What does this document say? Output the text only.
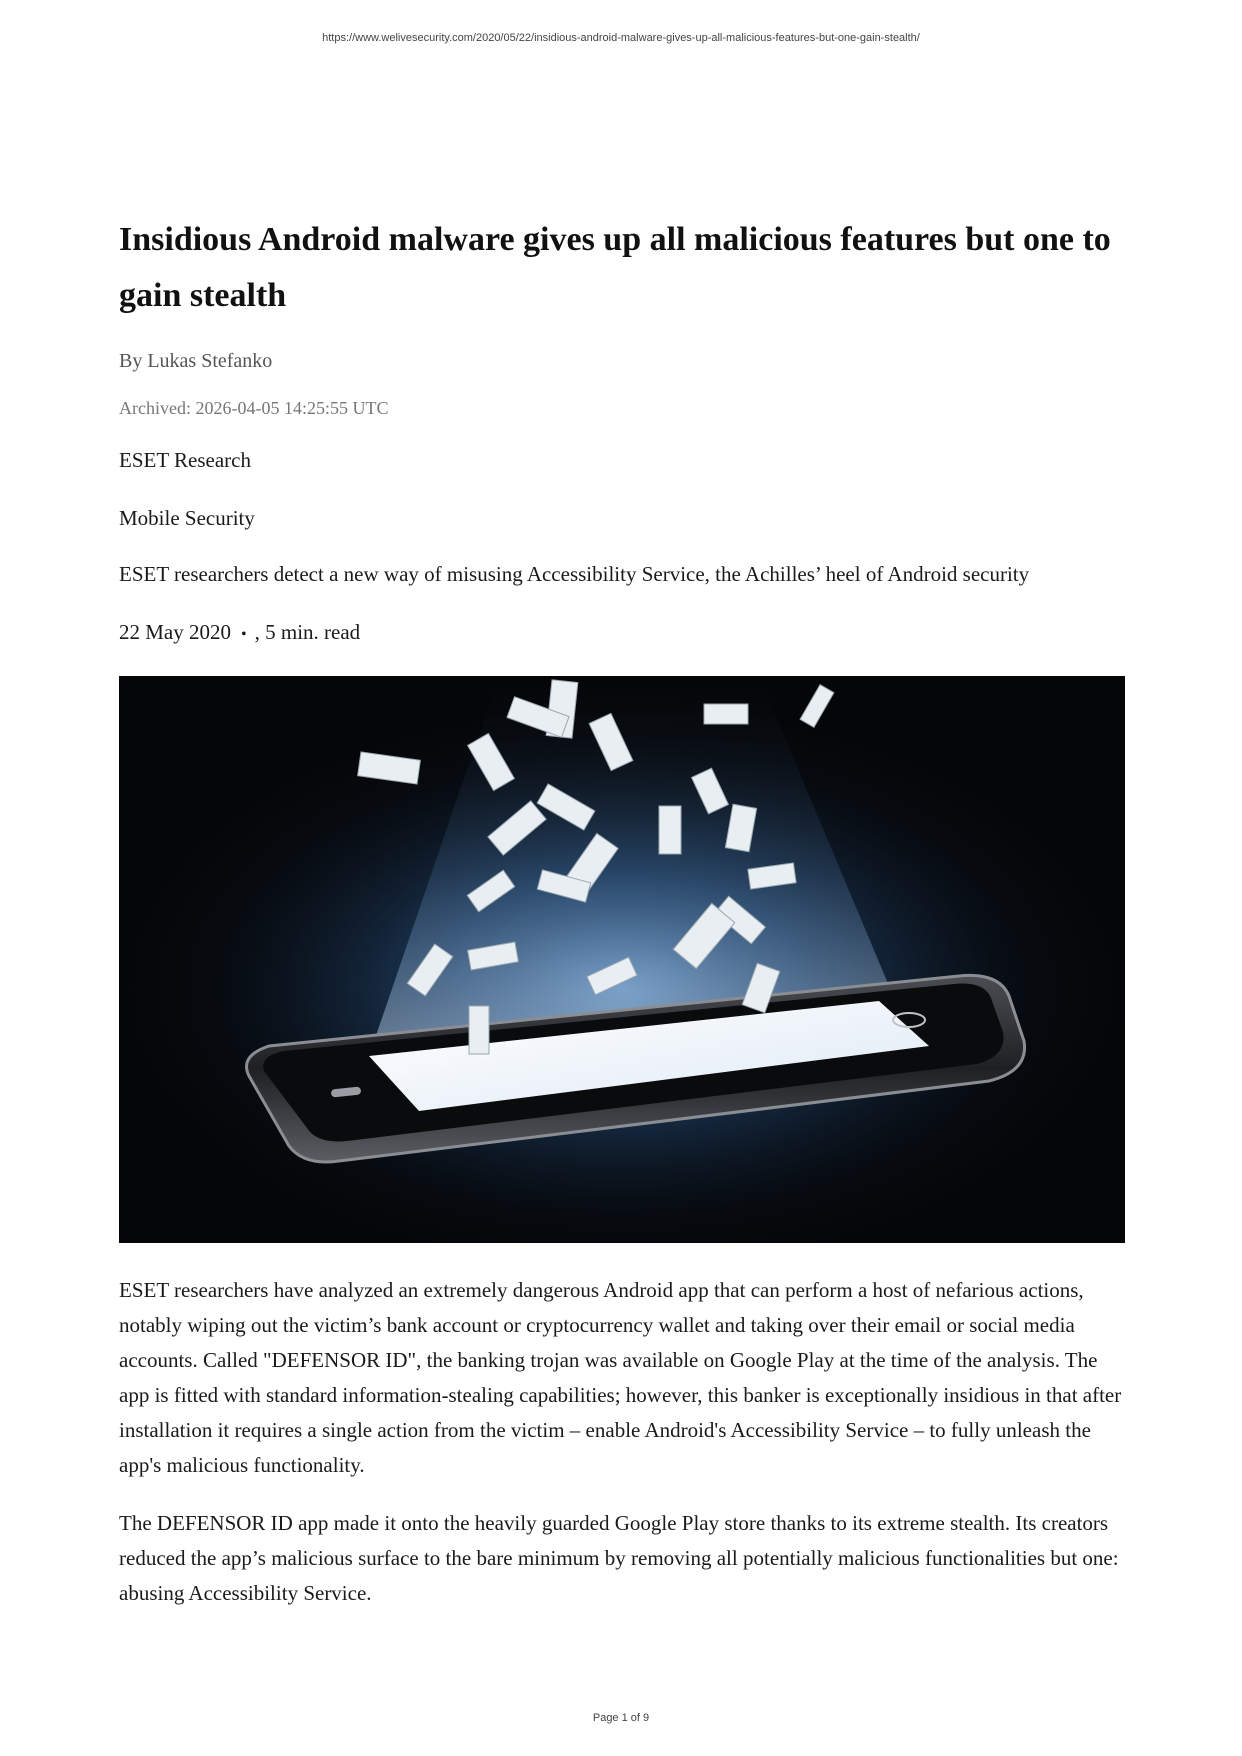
https://www.welivesecurity.com/2020/05/22/insidious-android-malware-gives-up-all-malicious-features-but-one-gain-stealth/
Insidious Android malware gives up all malicious features but one to gain stealth
By Lukas Stefanko
Archived: 2026-04-05 14:25:55 UTC
ESET Research
Mobile Security
ESET researchers detect a new way of misusing Accessibility Service, the Achilles’ heel of Android security
22 May 2020 • , 5 min. read

ESET researchers have analyzed an extremely dangerous Android app that can perform a host of nefarious actions, notably wiping out the victim’s bank account or cryptocurrency wallet and taking over their email or social media accounts. Called "DEFENSOR ID", the banking trojan was available on Google Play at the time of the analysis. The app is fitted with standard information-stealing capabilities; however, this banker is exceptionally insidious in that after installation it requires a single action from the victim – enable Android's Accessibility Service – to fully unleash the app's malicious functionality.

The DEFENSOR ID app made it onto the heavily guarded Google Play store thanks to its extreme stealth. Its creators reduced the app’s malicious surface to the bare minimum by removing all potentially malicious functionalities but one: abusing Accessibility Service.

Page 1 of 9
